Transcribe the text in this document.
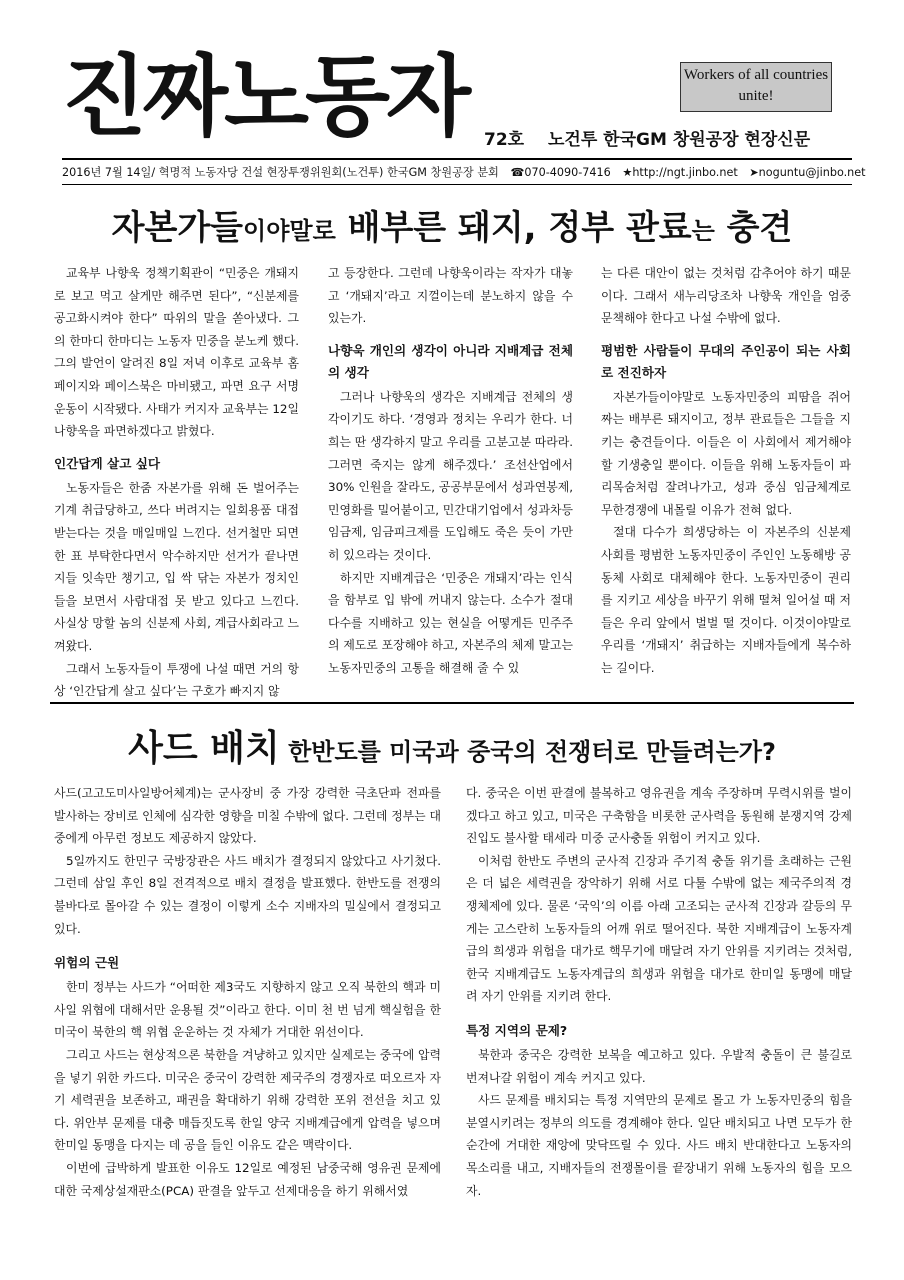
진짜노동자	Workers of all countries unite!
72호 노건투 한국GM 창원공장 현장신문
2016년 7월 14일/ 혁명적 노동자당 건설 현장투쟁위원회(노건투) 한국GM 창원공장 분회 ☎070-4090-7416 ★http://ngt.jinbo.net ➤noguntu@jinbo.net
자본가들이야말로 배부른 돼지, 정부 관료는 충견

교육부 나향욱 정책기획관이 “민중은 개돼지로 보고 먹고 살게만 해주면 된다”, “신분제를 공고화시켜야 한다” 따위의 말을 쏟아냈다. 그의 한마디 한마디는 노동자 민중을 분노케 했다. 그의 발언이 알려진 8일 저녁 이후로 교육부 홈페이지와 페이스북은 마비됐고, 파면 요구 서명운동이 시작됐다. 사태가 커지자 교육부는 12일 나향욱을 파면하겠다고 밝혔다.

인간답게 살고 싶다

노동자들은 한줌 자본가를 위해 돈 벌어주는 기계 취급당하고, 쓰다 버려지는 일회용품 대접받는다는 것을 매일매일 느낀다. 선거철만 되면 한 표 부탁한다면서 악수하지만 선거가 끝나면 지들 잇속만 챙기고, 입 싹 닦는 자본가 정치인들을 보면서 사람대접 못 받고 있다고 느낀다. 사실상 망할 놈의 신분제 사회, 계급사회라고 느껴왔다.

그래서 노동자들이 투쟁에 나설 때면 거의 항상 ‘인간답게 살고 싶다’는 구호가 빠지지 않

고 등장한다. 그런데 나향욱이라는 작자가 대놓고 ‘개돼지’라고 지껄이는데 분노하지 않을 수 있는가.

나향욱 개인의 생각이 아니라 지배계급 전체의 생각

그러나 나향욱의 생각은 지배계급 전체의 생각이기도 하다. ‘경영과 정치는 우리가 한다. 너희는 딴 생각하지 말고 우리를 고분고분 따라라. 그러면 죽지는 않게 해주겠다.’ 조선산업에서 30% 인원을 잘라도, 공공부문에서 성과연봉제, 민영화를 밀어붙이고, 민간대기업에서 성과차등임금제, 임금피크제를 도입해도 죽은 듯이 가만히 있으라는 것이다.

하지만 지배계급은 ‘민중은 개돼지’라는 인식을 함부로 입 밖에 꺼내지 않는다. 소수가 절대다수를 지배하고 있는 현실을 어떻게든 민주주의 제도로 포장해야 하고, 자본주의 체제 말고는 노동자민중의 고통을 해결해 줄 수 있

는 다른 대안이 없는 것처럼 감추어야 하기 때문이다. 그래서 새누리당조차 나향욱 개인을 엄중 문책해야 한다고 나설 수밖에 없다.

평범한 사람들이 무대의 주인공이 되는 사회로 전진하자

자본가들이야말로 노동자민중의 피땀을 쥐어짜는 배부른 돼지이고, 정부 관료들은 그들을 지키는 충견들이다. 이들은 이 사회에서 제거해야 할 기생충일 뿐이다. 이들을 위해 노동자들이 파리목숨처럼 잘려나가고, 성과 중심 임금체계로 무한경쟁에 내몰릴 이유가 전혀 없다.

절대 다수가 희생당하는 이 자본주의 신분제 사회를 평범한 노동자민중이 주인인 노동해방 공동체 사회로 대체해야 한다. 노동자민중이 권리를 지키고 세상을 바꾸기 위해 떨쳐 일어설 때 저들은 우리 앞에서 벌벌 떨 것이다. 이것이야말로 우리를 ‘개돼지’ 취급하는 지배자들에게 복수하는 길이다.

사드 배치 한반도를 미국과 중국의 전쟁터로 만들려는가?

사드(고고도미사일방어체계)는 군사장비 중 가장 강력한 극초단파 전파를 발사하는 장비로 인체에 심각한 영향을 미칠 수밖에 없다. 그런데 정부는 대중에게 아무런 정보도 제공하지 않았다.

5일까지도 한민구 국방장관은 사드 배치가 결정되지 않았다고 사기쳤다. 그런데 삼일 후인 8일 전격적으로 배치 결정을 발표했다. 한반도를 전쟁의 불바다로 몰아갈 수 있는 결정이 이렇게 소수 지배자의 밀실에서 결정되고 있다.

위험의 근원

한미 정부는 사드가 “어떠한 제3국도 지향하지 않고 오직 북한의 핵과 미사일 위협에 대해서만 운용될 것”이라고 한다. 이미 천 번 넘게 핵실험을 한 미국이 북한의 핵 위협 운운하는 것 자체가 거대한 위선이다.

그리고 사드는 현상적으론 북한을 겨냥하고 있지만 실제로는 중국에 압력을 넣기 위한 카드다. 미국은 중국이 강력한 제국주의 경쟁자로 떠오르자 자기 세력권을 보존하고, 패권을 확대하기 위해 강력한 포위 전선을 치고 있다. 위안부 문제를 대충 매듭짓도록 한일 양국 지배계급에게 압력을 넣으며 한미일 동맹을 다지는 데 공을 들인 이유도 같은 맥락이다.

이번에 급박하게 발표한 이유도 12일로 예정된 남중국해 영유권 문제에 대한 국제상설재판소(PCA) 판결을 앞두고 선제대응을 하기 위해서였

다. 중국은 이번 판결에 불복하고 영유권을 계속 주장하며 무력시위를 벌이겠다고 하고 있고, 미국은 구축함을 비롯한 군사력을 동원해 분쟁지역 강제진입도 불사할 태세라 미중 군사충돌 위험이 커지고 있다.

이처럼 한반도 주변의 군사적 긴장과 주기적 충돌 위기를 초래하는 근원은 더 넓은 세력권을 장악하기 위해 서로 다툴 수밖에 없는 제국주의적 경쟁체제에 있다. 물론 ‘국익’의 이름 아래 고조되는 군사적 긴장과 갈등의 무게는 고스란히 노동자들의 어깨 위로 떨어진다. 북한 지배계급이 노동자계급의 희생과 위험을 대가로 핵무기에 매달려 자기 안위를 지키려는 것처럼, 한국 지배계급도 노동자계급의 희생과 위험을 대가로 한미일 동맹에 매달려 자기 안위를 지키려 한다.

특정 지역의 문제?

북한과 중국은 강력한 보복을 예고하고 있다. 우발적 충돌이 큰 불길로 번져나갈 위험이 계속 커지고 있다.

사드 문제를 배치되는 특정 지역만의 문제로 몰고 가 노동자민중의 힘을 분열시키려는 정부의 의도를 경계해야 한다. 일단 배치되고 나면 모두가 한순간에 거대한 재앙에 맞닥뜨릴 수 있다. 사드 배치 반대한다고 노동자의 목소리를 내고, 지배자들의 전쟁몰이를 끝장내기 위해 노동자의 힘을 모으자.
